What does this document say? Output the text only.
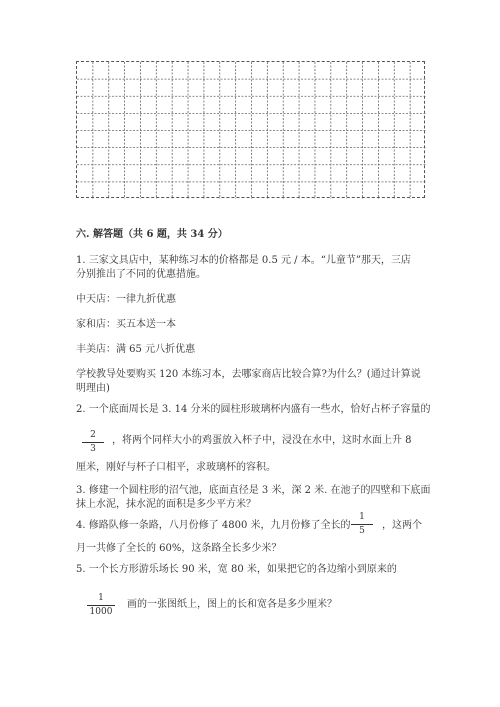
六. 解答题（共 6 题，共 34 分）
1. 三家文具店中，某种练习本的价格都是 0.5 元 / 本。“儿童节”那天，三店
分别推出了不同的优惠措施。
中天店：一律九折优惠
家和店：买五本送一本
丰美店：满 65 元八折优惠
学校教导处要购买 120 本练习本，去哪家商店比较合算?为什么？(通过计算说
明理由)
2. 一个底面周长是 3. 14 分米的圆柱形玻璃杯内盛有一些水，恰好占杯子容量的
$\frac{2}{3}$ ，将两个同样大小的鸡蛋放入杯子中，浸没在水中，这时水面上升 8
厘米，刚好与杯子口相平，求玻璃杯的容积。
3. 修建一个圆柱形的沼气池，底面直径是 3 米，深 2 米. 在池子的四壁和下底面
抹上水泥，抹水泥的面积是多少平方米？
4. 修路队修一条路，八月份修了 4800 米，九月份修了全长的 $\frac{1}{5}$ ，这两个
月一共修了全长的 60%，这条路全长多少米？
5. 一个长方形游乐场长 90 米，宽 80 米，如果把它的各边缩小到原来的
$\frac{1}{1000}$ 画的一张图纸上，图上的长和宽各是多少厘米？
